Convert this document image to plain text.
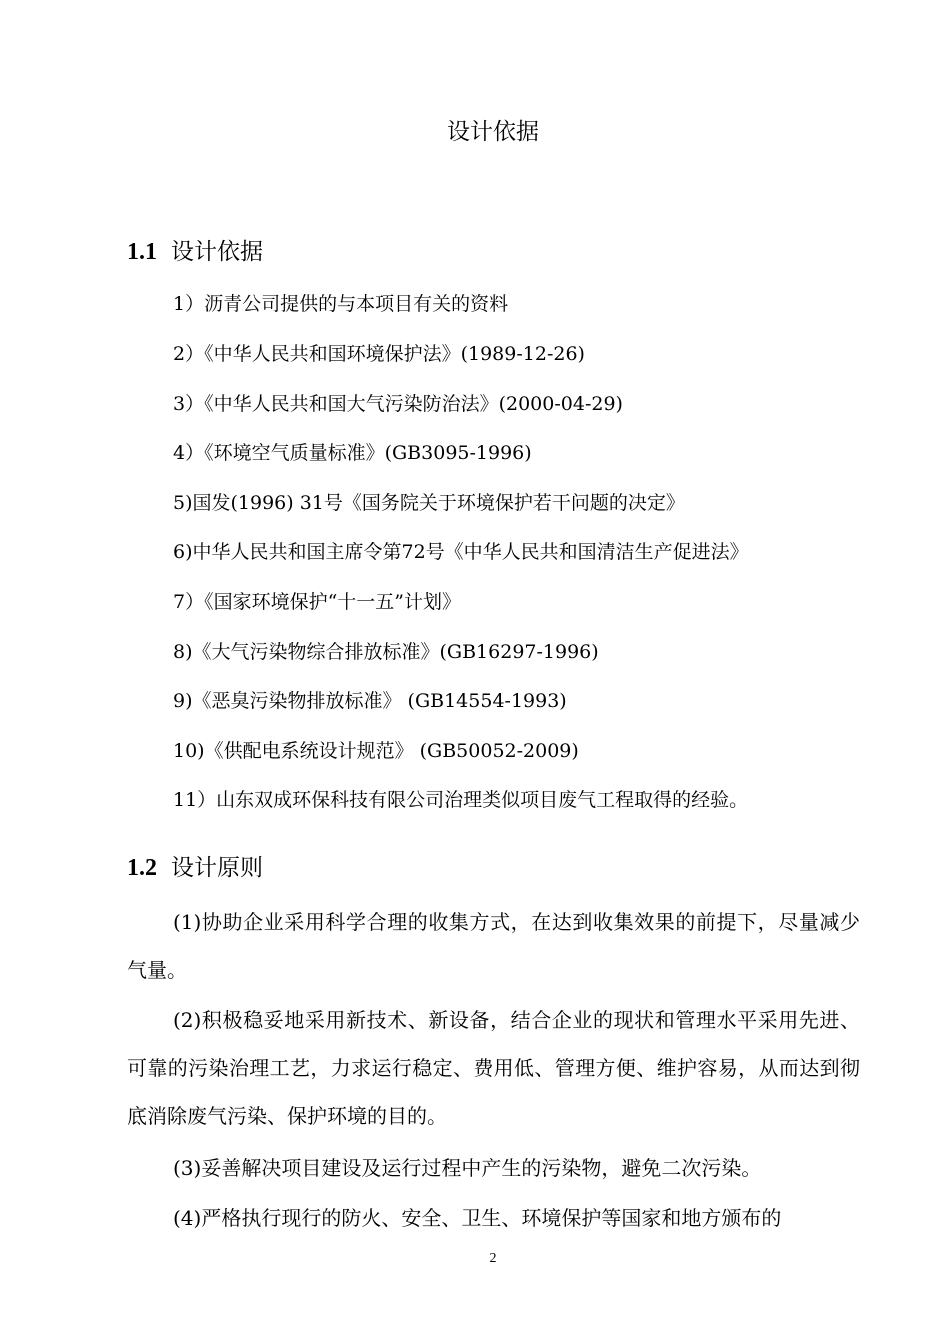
设计依据
1.1 设计依据
1）沥青公司提供的与本项目有关的资料
2）《中华人民共和国环境保护法》(1989-12-26)
3）《中华人民共和国大气污染防治法》(2000-04-29)
4）《环境空气质量标准》(GB3095-1996)
5)国发(1996) 31号《国务院关于环境保护若干问题的决定》
6)中华人民共和国主席令第72号《中华人民共和国清洁生产促进法》
7）《国家环境保护“十一五”计划》
8)《大气污染物综合排放标准》(GB16297-1996)
9)《恶臭污染物排放标准》 (GB14554-1993)
10)《供配电系统设计规范》 (GB50052-2009)
11）山东双成环保科技有限公司治理类似项目废气工程取得的经验。
1.2 设计原则

(1)协助企业采用科学合理的收集方式，在达到收集效果的前提下，尽量减少气量。

(2)积极稳妥地采用新技术、新设备，结合企业的现状和管理水平采用先进、可靠的污染治理工艺，力求运行稳定、费用低、管理方便、维护容易，从而达到彻底消除废气污染、保护环境的目的。

(3)妥善解决项目建设及运行过程中产生的污染物，避免二次污染。

(4)严格执行现行的防火、安全、卫生、环境保护等国家和地方颁布的

2
